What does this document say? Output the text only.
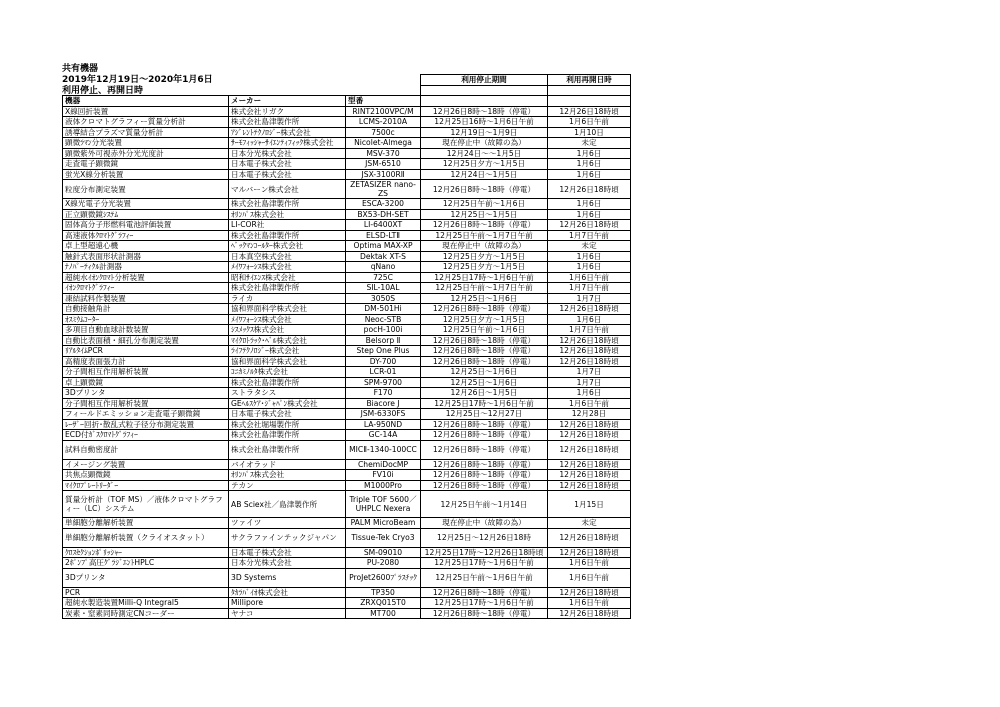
共有機器
2019年12月19日～2020年1月6日
利用停止、再開日時
			利用停止期間	利用再開日時

機器	メーカー	型番		
X線回折装置	株式会社リガク	RINT2100VPC/M	12月26日8時～18時（停電）	12月26日18時頃
液体クロマトグラフィー質量分析計	株式会社島津製作所	LCMS-2010A	12月25日16時～1月6日午前	1月6日午前
誘導結合プラズマ質量分析計	ｱｼﾞﾚﾝﾄﾃｸﾉﾛｼﾞｰ株式会社	7500c	12月19日～1月9日	1月10日
顕微ﾗﾏﾝ分光装置	ｻｰﾓﾌｨｯｼｬｰｻｲｴﾝﾃｨﾌｨｯｸ株式会社	Nicolet-Almega	現在停止中（故障の為）	未定
顕微紫外可視赤外分光光度計	日本分光株式会社	MSV-370	12月24日～～1月5日	1月6日
走査電子顕微鏡	日本電子株式会社	JSM-6510	12月25日夕方～1月5日	1月6日
蛍光X線分析装置	日本電子株式会社	JSX-3100RⅡ	12月24日～1月5日	1月6日
粒度分布測定装置	マルバーン株式会社	ZETASIZER nano-ZS	12月26日8時～18時（停電）	12月26日18時頃
X線光電子分光装置	株式会社島津製作所	ESCA-3200	12月25日午前～1月6日	1月6日
正立顕微鏡ｼｽﾃﾑ	ｵﾘﾝﾊﾟｽ株式会社	BX53-DH-SET	12月25日～1月5日	1月6日
固体高分子形燃料電池評価装置	LI-COR社	LI-6400XT	12月26日8時～18時（停電）	12月26日18時頃
高速液体ｸﾛﾏﾄｸﾞﾗﾌｨｰ	株式会社島津製作所	ELSD-LTⅡ	12月25日午前～1月7日午前	1月7日午前
卓上型超遠心機	ﾍﾞｯｸﾏﾝｺｰﾙﾀｰ株式会社	Optima MAX-XP	現在停止中（故障の為）	未定
触針式表面形状計測器	日本真空株式会社	Dektak XT-S	12月25日夕方～1月5日	1月6日
ﾅﾉﾊﾟｰﾃｨｸﾙ計測器	ﾒｲﾜﾌｫｰｼｽ株式会社	qNano	12月25日夕方～1月5日	1月6日
超純水ｲｵﾝｸﾛﾏﾄ分析装置	昭和ｻｲｴﾝｽ株式会社	725C	12月25日17時～1月6日午前	1月6日午前
ｲｵﾝｸﾛﾏﾄｸﾞﾗﾌｨｰ	株式会社島津製作所	SIL-10AL	12月25日午前～1月7日午前	1月7日午前
凍結試料作製装置	ライカ	3050S	12月25日～1月6日	1月7日
自動接触角計	協和界面科学株式会社	DM-501Hi	12月26日8時～18時（停電）	12月26日18時頃
ｵｽﾐｳﾑｺｰﾀｰ	ﾒｲﾜﾌｫｰｼｽ株式会社	Neoc-STB	12月25日夕方～1月5日	1月6日
多項目自動血球計数装置	ｼｽﾒｯｸｽ株式会社	pocH-100i	12月25日午前～1月6日	1月7日午前
自動比表面積・細孔分布測定装置	ﾏｲｸﾛﾄﾗｯｸ･ﾍﾞﾙ株式会社	Belsorp Ⅱ	12月26日8時～18時（停電）	12月26日18時頃
ﾘｱﾙﾀｲﾑPCR	ﾗｲﾌﾃｸﾉﾛｼﾞｰ株式会社	Step One Plus	12月26日8時～18時（停電）	12月26日18時頃
高精度表面張力計	協和界面科学株式会社	DY-700	12月26日8時～18時（停電）	12月26日18時頃
分子間相互作用解析装置	ｺﾆｶﾐﾉﾙﾀ株式会社	LCR-01	12月25日～1月6日	1月7日
卓上顕微鏡	株式会社島津製作所	SPM-9700	12月25日～1月6日	1月7日
3Dプリンタ	ストラタシス	F170	12月26日～1月5日	1月6日
分子間相互作用解析装置	GEﾍﾙｽｹｱ･ｼﾞｬﾊﾟﾝ株式会社	Biacore J	12月25日17時～1月6日午前	1月6日午前
フィールドエミッション走査電子顕微鏡	日本電子株式会社	JSM-6330FS	12月25日～12月27日	12月28日
ﾚｰｻﾞｰ回折･散乱式粒子径分布測定装置	株式会社堀場製作所	LA-950ND	12月26日8時～18時（停電）	12月26日18時頃
ECD付ｶﾞｽｸﾛﾏﾄｸﾞﾗﾌｨｰ	株式会社島津製作所	GC-14A	12月26日8時～18時（停電）	12月26日18時頃
試料自動密度計	株式会社島津製作所	MICⅡ-1340-100CC	12月26日8時～18時（停電）	12月26日18時頃
イメージング装置	バイオラッド	ChemiDocMP	12月26日8時～18時（停電）	12月26日18時頃
共焦点顕微鏡	ｵﾘﾝﾊﾟｽ株式会社	FV10i	12月26日8時～18時（停電）	12月26日18時頃
ﾏｲｸﾛﾌﾟﾚｰﾄﾘｰﾀﾞｰ	テカン	M1000Pro	12月26日8時～18時（停電）	12月26日18時頃
質量分析計（TOF MS）／液体クロマトグラフィー（LC）システム	AB Sciex社／島津製作所	Triple TOF 5600／UHPLC Nexera	12月25日午前～1月14日	1月15日
単細胞分離解析装置	ツァイツ	PALM MicroBeam	現在停止中（故障の為）	未定
単細胞分離解析装置（クライオスタット）	サクラファインテックジャパン	Tissue-Tek Cryo3	12月25日～12月26日18時	12月26日18時頃
ｸﾛｽｾｸｼｮﾝﾎﾟﾘｯｼｬｰ	日本電子株式会社	SM-09010	12月25日17時～12月26日18時頃	12月26日18時頃
2ﾎﾟﾝﾌﾟ高圧ｸﾞﾗｼﾞｴﾝﾄHPLC	日本分光株式会社	PU-2080	12月25日17時～1月6日午前	1月6日午前
3Dプリンタ	3D Systems	ProJet2600ﾌﾟﾗｽﾁｯｸ	12月25日午前～1月6日午前	1月6日午前
PCR	ﾀｶﾗﾊﾞｲｵ株式会社	TP350	12月26日8時～18時（停電）	12月26日18時頃
超純水製造装置Milli-Q Integral5	Millipore	ZRXQ015T0	12月25日17時～1月6日午前	1月6日午前
炭素・窒素同時測定CNコーダー	ヤナコ	MT700	12月26日8時～18時（停電）	12月26日18時頃
